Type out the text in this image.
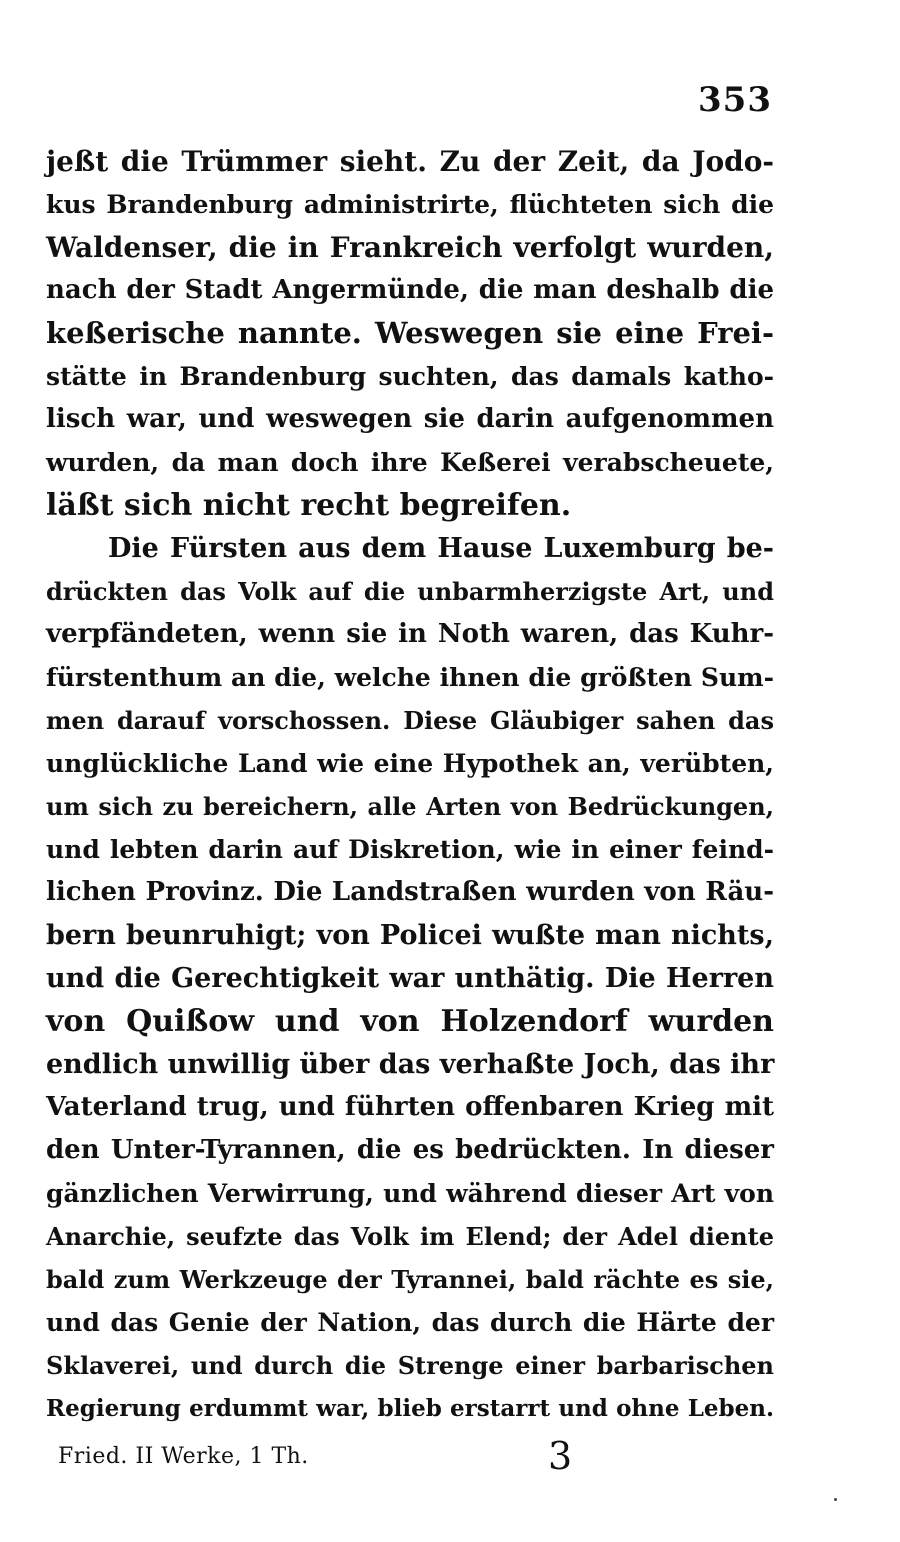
353
jeßt die Trümmer sieht. Zu der Zeit, da Jodo-
kus Brandenburg administrirte, flüchteten sich die
Waldenser, die in Frankreich verfolgt wurden,
nach der Stadt Angermünde, die man deshalb die
keßerische nannte. Weswegen sie eine Frei-
stätte in Brandenburg suchten, das damals katho-
lisch war, und weswegen sie darin aufgenommen
wurden, da man doch ihre Keßerei verabscheuete,
läßt sich nicht recht begreifen.
Die Fürsten aus dem Hause Luxemburg be-
drückten das Volk auf die unbarmherzigste Art, und
verpfändeten, wenn sie in Noth waren, das Kuhr-
fürstenthum an die, welche ihnen die größten Sum-
men darauf vorschossen. Diese Gläubiger sahen das
unglückliche Land wie eine Hypothek an, verübten,
um sich zu bereichern, alle Arten von Bedrückungen,
und lebten darin auf Diskretion, wie in einer feind-
lichen Provinz. Die Landstraßen wurden von Räu-
bern beunruhigt; von Policei wußte man nichts,
und die Gerechtigkeit war unthätig. Die Herren
von Quißow und von Holzendorf wurden
endlich unwillig über das verhaßte Joch, das ihr
Vaterland trug, und führten offenbaren Krieg mit
den Unter-Tyrannen, die es bedrückten. In dieser
gänzlichen Verwirrung, und während dieser Art von
Anarchie, seufzte das Volk im Elend; der Adel diente
bald zum Werkzeuge der Tyrannei, bald rächte es sie,
und das Genie der Nation, das durch die Härte der
Sklaverei, und durch die Strenge einer barbarischen
Regierung erdummt war, blieb erstarrt und ohne Leben.
Fried. II Werke, 1 Th.	3
